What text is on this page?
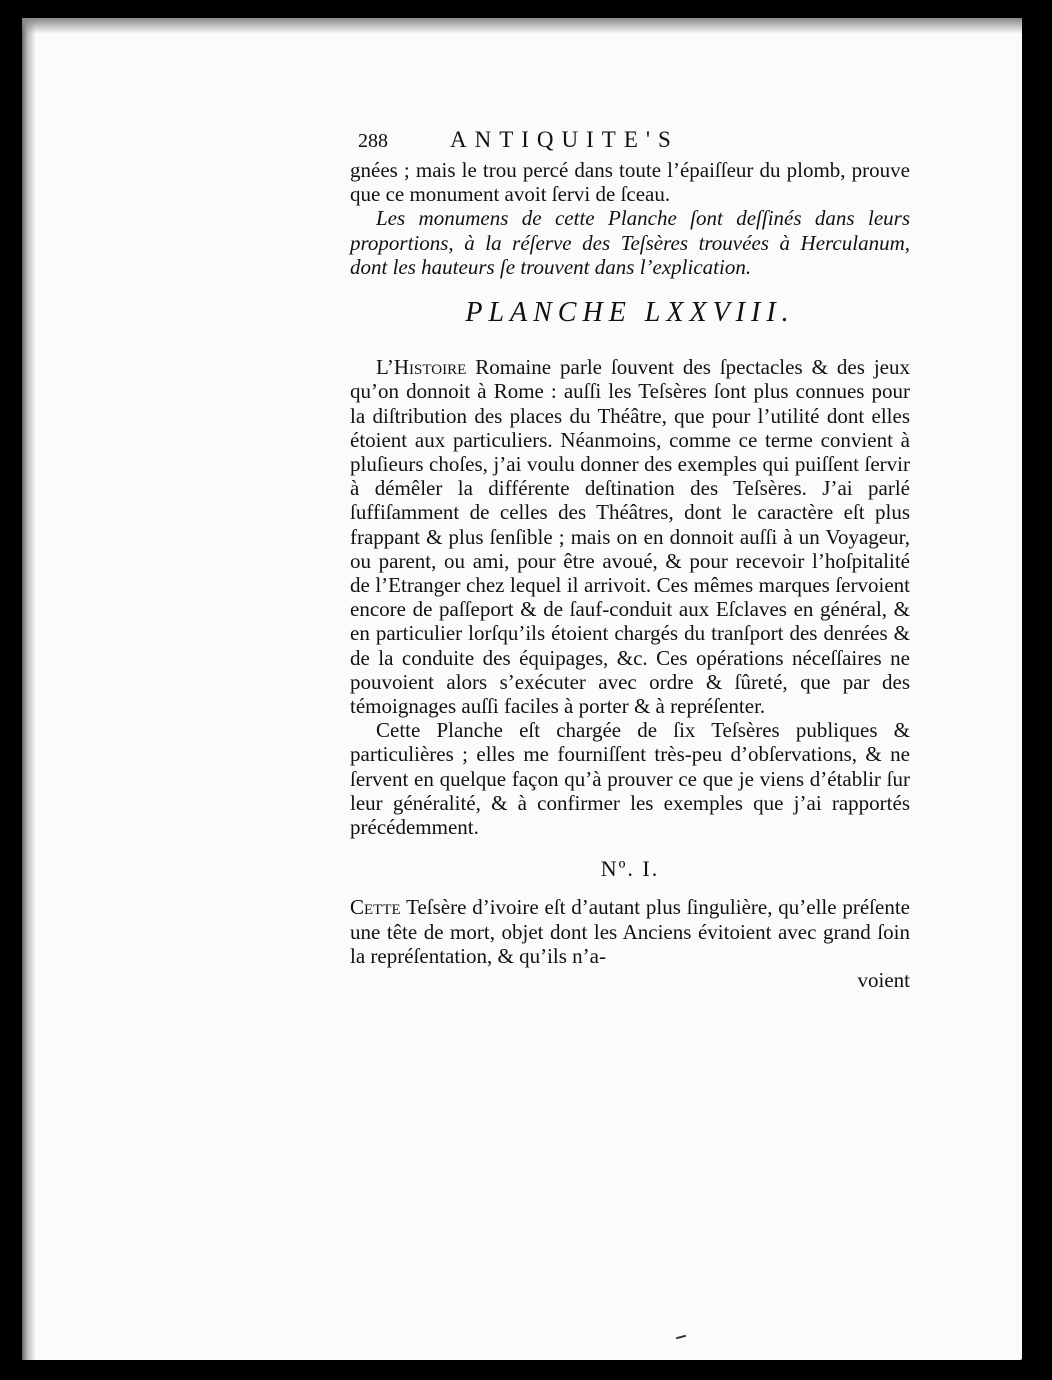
288	ANTIQUITE'S

gnées ; mais le trou percé dans toute l’épaiſſeur du plomb, prouve que ce monument avoit ſervi de ſceau.

Les monumens de cette Planche ſont deſſinés dans leurs proportions, à la réſerve des Teſsères trouvées à Herculanum, dont les hauteurs ſe trouvent dans l’explication.

PLANCHE LXXVIII.

L’Histoire Romaine parle ſouvent des ſpectacles & des jeux qu’on donnoit à Rome : auſſi les Teſsères ſont plus connues pour la diſtribution des places du Théâtre, que pour l’utilité dont elles étoient aux particuliers. Néanmoins, comme ce terme convient à pluſieurs choſes, j’ai voulu donner des exemples qui puiſſent ſervir à démêler la différente deſtination des Teſsères. J’ai parlé ſuffiſamment de celles des Théâtres, dont le caractère eſt plus frappant & plus ſenſible ; mais on en donnoit auſſi à un Voyageur, ou parent, ou ami, pour être avoué, & pour recevoir l’hoſpitalité de l’Etranger chez lequel il arrivoit. Ces mêmes marques ſervoient encore de paſſeport & de ſauf-conduit aux Eſclaves en général, & en particulier lorſqu’ils étoient chargés du tranſport des denrées & de la conduite des équipages, &c. Ces opérations néceſſaires ne pouvoient alors s’exécuter avec ordre & ſûreté, que par des témoignages auſſi faciles à porter & à repréſenter.

Cette Planche eſt chargée de ſix Teſsères publiques & particulières ; elles me fourniſſent très-peu d’obſervations, & ne ſervent en quelque façon qu’à prouver ce que je viens d’établir ſur leur généralité, & à confirmer les exemples que j’ai rapportés précédemment.

Nº. I.

Cette Teſsère d’ivoire eſt d’autant plus ſingulière, qu’elle préſente une tête de mort, objet dont les Anciens évitoient avec grand ſoin la repréſentation, & qu’ils n’a-

voient
